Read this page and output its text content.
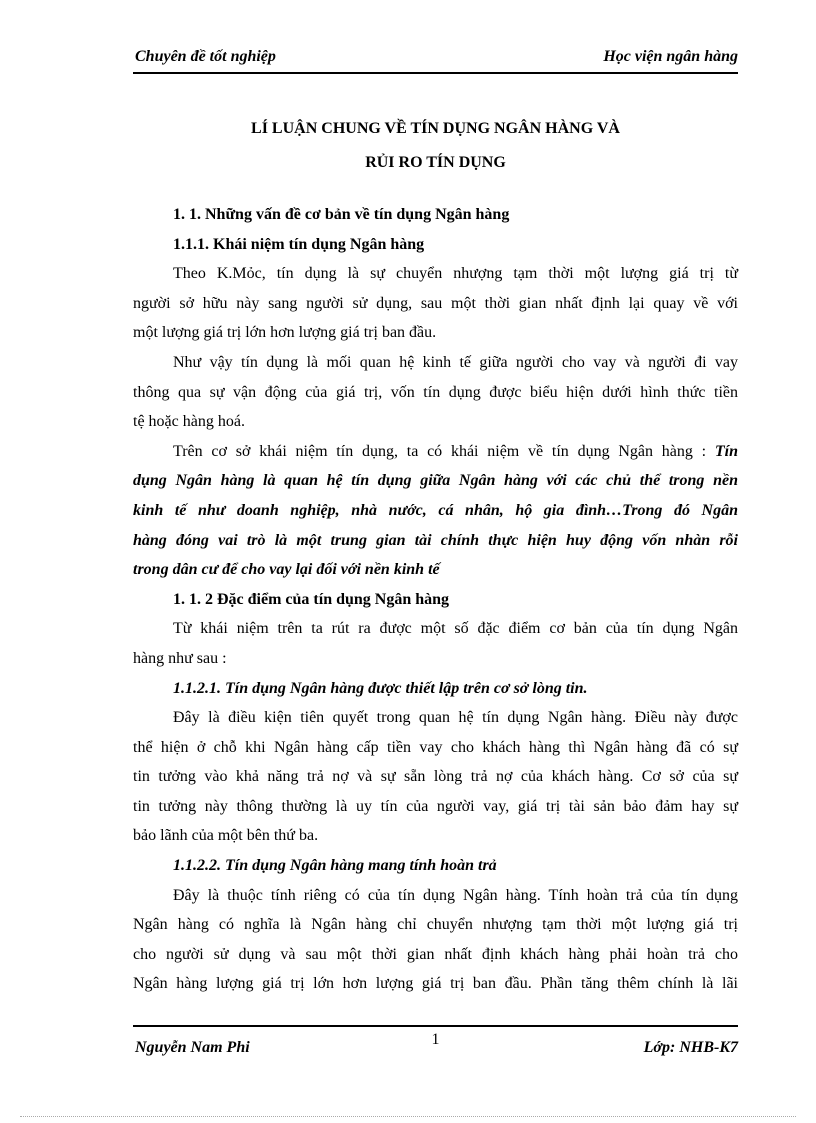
Chuyên đề tốt nghiệp	Học viện ngân hàng
LÍ LUẬN CHUNG VỀ TÍN DỤNG NGÂN HÀNG VÀ
RỦI RO TÍN DỤNG
1. 1. Những vấn đề cơ bản về tín dụng Ngân hàng
1.1.1. Khái niệm tín dụng Ngân hàng
Theo K.Mỏc, tín dụng là sự chuyển nhượng tạm thời một lượng giá trị từ
người sở hữu này sang người sử dụng, sau một thời gian nhất định lại quay về với
một lượng giá trị lớn hơn lượng giá trị ban đầu.
Như vậy tín dụng là mối quan hệ kinh tế giữa người cho vay và người đi vay
thông qua sự vận động của giá trị, vốn tín dụng được biểu hiện dưới hình thức tiền
tệ hoặc hàng hoá.
Trên cơ sở khái niệm tín dụng, ta có khái niệm về tín dụng Ngân hàng : Tín
dụng Ngân hàng là quan hệ tín dụng giữa Ngân hàng với các chủ thể trong nền
kinh tế như doanh nghiệp, nhà nước, cá nhân, hộ gia đình…Trong đó Ngân
hàng đóng vai trò là một trung gian tài chính thực hiện huy động vốn nhàn rỗi
trong dân cư để cho vay lại đối với nền kinh tế
1. 1. 2 Đặc điểm của tín dụng Ngân hàng
Từ khái niệm trên ta rút ra được một số đặc điểm cơ bản của tín dụng Ngân
hàng như sau :
1.1.2.1. Tín dụng Ngân hàng được thiết lập trên cơ sở lòng tin.
Đây là điều kiện tiên quyết trong quan hệ tín dụng Ngân hàng. Điều này được
thể hiện ở chỗ khi Ngân hàng cấp tiền vay cho khách hàng thì Ngân hàng đã có sự
tin tưởng vào khả năng trả nợ và sự sẵn lòng trả nợ của khách hàng. Cơ sở của sự
tin tưởng này thông thường là uy tín của người vay, giá trị tài sản bảo đảm hay sự
bảo lãnh của một bên thứ ba.
1.1.2.2. Tín dụng Ngân hàng mang tính hoàn trả
Đây là thuộc tính riêng có của tín dụng Ngân hàng. Tính hoàn trả của tín dụng
Ngân hàng có nghĩa là Ngân hàng chỉ chuyển nhượng tạm thời một lượng giá trị
cho người sử dụng và sau một thời gian nhất định khách hàng phải hoàn trả cho
Ngân hàng lượng giá trị lớn hơn lượng giá trị ban đầu. Phần tăng thêm chính là lãi
Nguyễn Nam Phi	1	Lớp: NHB-K7
